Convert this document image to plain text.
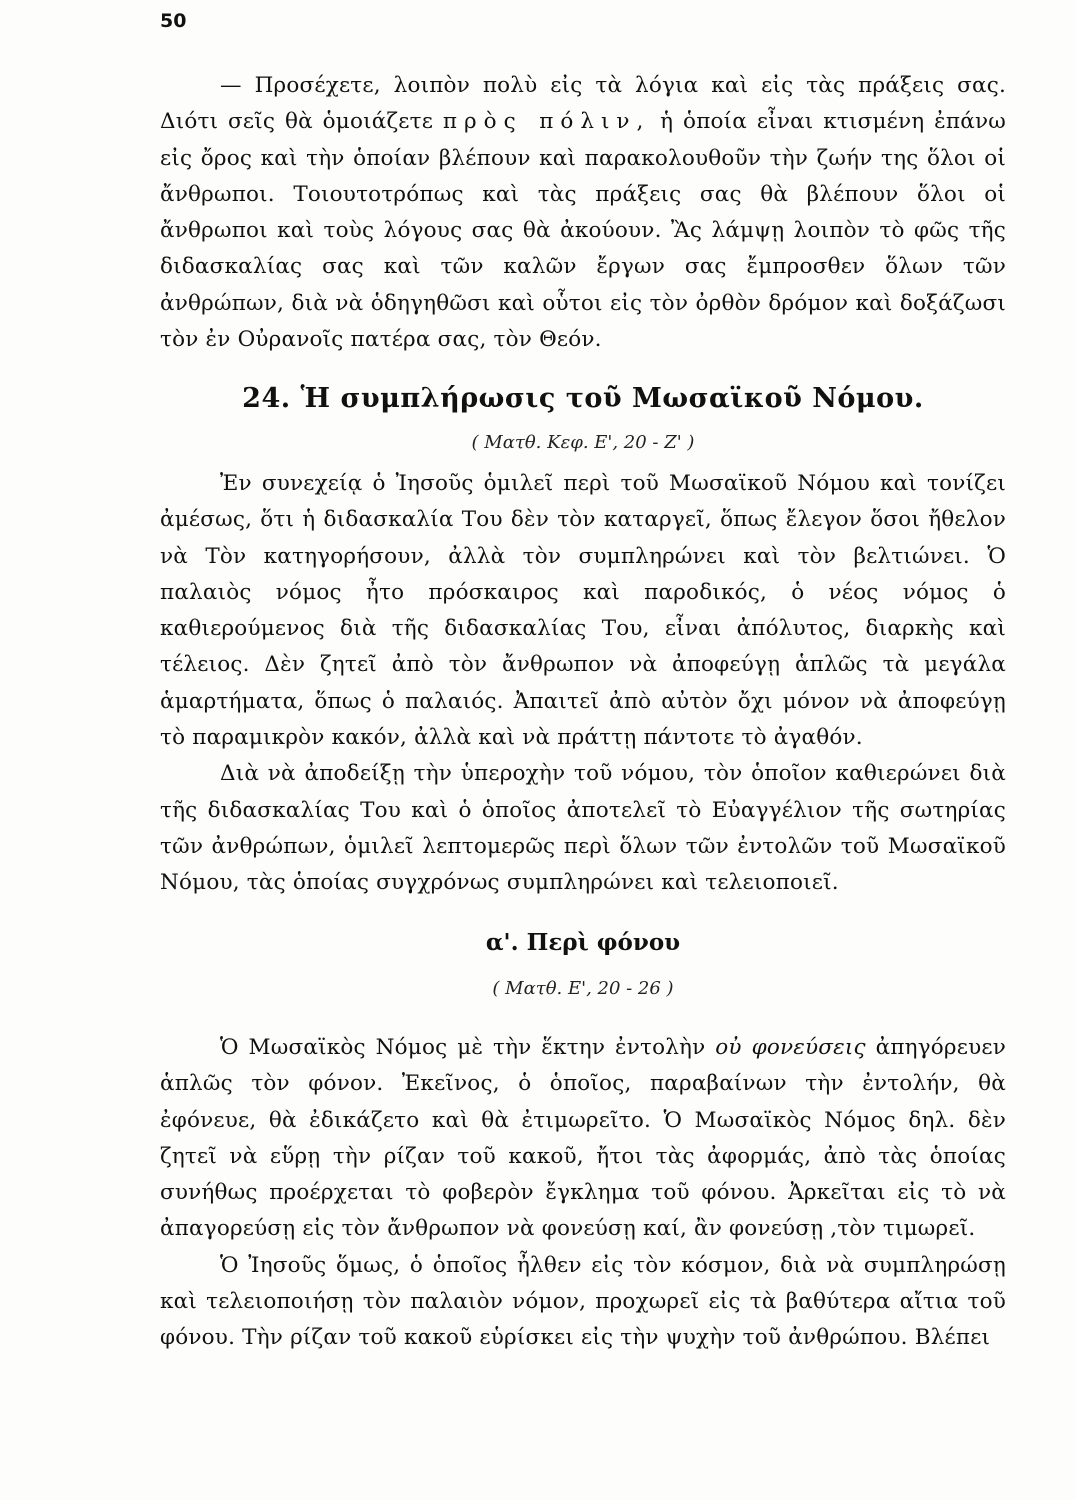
50

— Προσέχετε, λοιπὸν πολὺ εἰς τὰ λόγια καὶ εἰς τὰς πράξεις σας. Διότι σεῖς θὰ ὁμοιάζετε πρὸς πόλιν, ἡ ὁποία εἶναι κτισμένη ἐπάνω εἰς ὄρος καὶ τὴν ὁποίαν βλέπουν καὶ παρακολουθοῦν τὴν ζωήν της ὅλοι οἱ ἄνθρωποι. Τοιουτοτρόπως καὶ τὰς πράξεις σας θὰ βλέπουν ὅλοι οἱ ἄνθρωποι καὶ τοὺς λόγους σας θὰ ἀκούουν. Ἂς λάμψῃ λοιπὸν τὸ φῶς τῆς διδασκαλίας σας καὶ τῶν καλῶν ἔργων σας ἔμπροσθεν ὅλων τῶν ἀνθρώπων, διὰ νὰ ὁδηγηθῶσι καὶ οὗτοι εἰς τὸν ὀρθὸν δρόμον καὶ δοξάζωσι τὸν ἐν Οὐρανοῖς πατέρα σας, τὸν Θεόν.

24. Ἡ συμπλήρωσις τοῦ Μωσαϊκοῦ Νόμου.
( Ματθ. Κεφ. Ε', 20 - Ζ' )

Ἐν συνεχείᾳ ὁ Ἰησοῦς ὁμιλεῖ περὶ τοῦ Μωσαϊκοῦ Νόμου καὶ τονίζει ἀμέσως, ὅτι ἡ διδασκαλία Του δὲν τὸν καταργεῖ, ὅπως ἔλεγον ὅσοι ἤθελον νὰ Τὸν κατηγορήσουν, ἀλλὰ τὸν συμπληρώνει καὶ τὸν βελτιώνει. Ὁ παλαιὸς νόμος ἦτο πρόσκαιρος καὶ παροδικός, ὁ νέος νόμος ὁ καθιερούμενος διὰ τῆς διδασκαλίας Του, εἶναι ἀπόλυτος, διαρκὴς καὶ τέλειος. Δὲν ζητεῖ ἀπὸ τὸν ἄνθρωπον νὰ ἀποφεύγῃ ἁπλῶς τὰ μεγάλα ἁμαρτήματα, ὅπως ὁ παλαιός. Ἀπαιτεῖ ἀπὸ αὐτὸν ὄχι μόνον νὰ ἀποφεύγῃ τὸ παραμικρὸν κακόν, ἀλλὰ καὶ νὰ πράττῃ πάντοτε τὸ ἀγαθόν.

Διὰ νὰ ἀποδείξῃ τὴν ὑπεροχὴν τοῦ νόμου, τὸν ὁποῖον καθιερώνει διὰ τῆς διδασκαλίας Του καὶ ὁ ὁποῖος ἀποτελεῖ τὸ Εὐαγγέλιον τῆς σωτηρίας τῶν ἀνθρώπων, ὁμιλεῖ λεπτομερῶς περὶ ὅλων τῶν ἐντολῶν τοῦ Μωσαϊκοῦ Νόμου, τὰς ὁποίας συγχρόνως συμπληρώνει καὶ τελειοποιεῖ.

α'. Περὶ φόνου
( Ματθ. Ε', 20 - 26 )

Ὁ Μωσαϊκὸς Νόμος μὲ τὴν ἕκτην ἐντολὴν οὐ φονεύσεις ἀπηγόρευεν ἁπλῶς τὸν φόνον. Ἐκεῖνος, ὁ ὁποῖος, παραβαίνων τὴν ἐντολήν, θὰ ἐφόνευε, θὰ ἐδικάζετο καὶ θὰ ἐτιμωρεῖτο. Ὁ Μωσαϊκὸς Νόμος δηλ. δὲν ζητεῖ νὰ εὕρῃ τὴν ρίζαν τοῦ κακοῦ, ἤτοι τὰς ἀφορμάς, ἀπὸ τὰς ὁποίας συνήθως προέρχεται τὸ φοβερὸν ἔγκλημα τοῦ φόνου. Ἀρκεῖται εἰς τὸ νὰ ἀπαγορεύσῃ εἰς τὸν ἄνθρωπον νὰ φονεύσῃ καί, ἂν φονεύσῃ ,τὸν τιμωρεῖ.

Ὁ Ἰησοῦς ὅμως, ὁ ὁποῖος ἦλθεν εἰς τὸν κόσμον, διὰ νὰ συμπληρώσῃ καὶ τελειοποιήσῃ τὸν παλαιὸν νόμον, προχωρεῖ εἰς τὰ βαθύτερα αἴτια τοῦ φόνου. Τὴν ρίζαν τοῦ κακοῦ εὑρίσκει εἰς τὴν ψυχὴν τοῦ ἀνθρώπου. Βλέπει
